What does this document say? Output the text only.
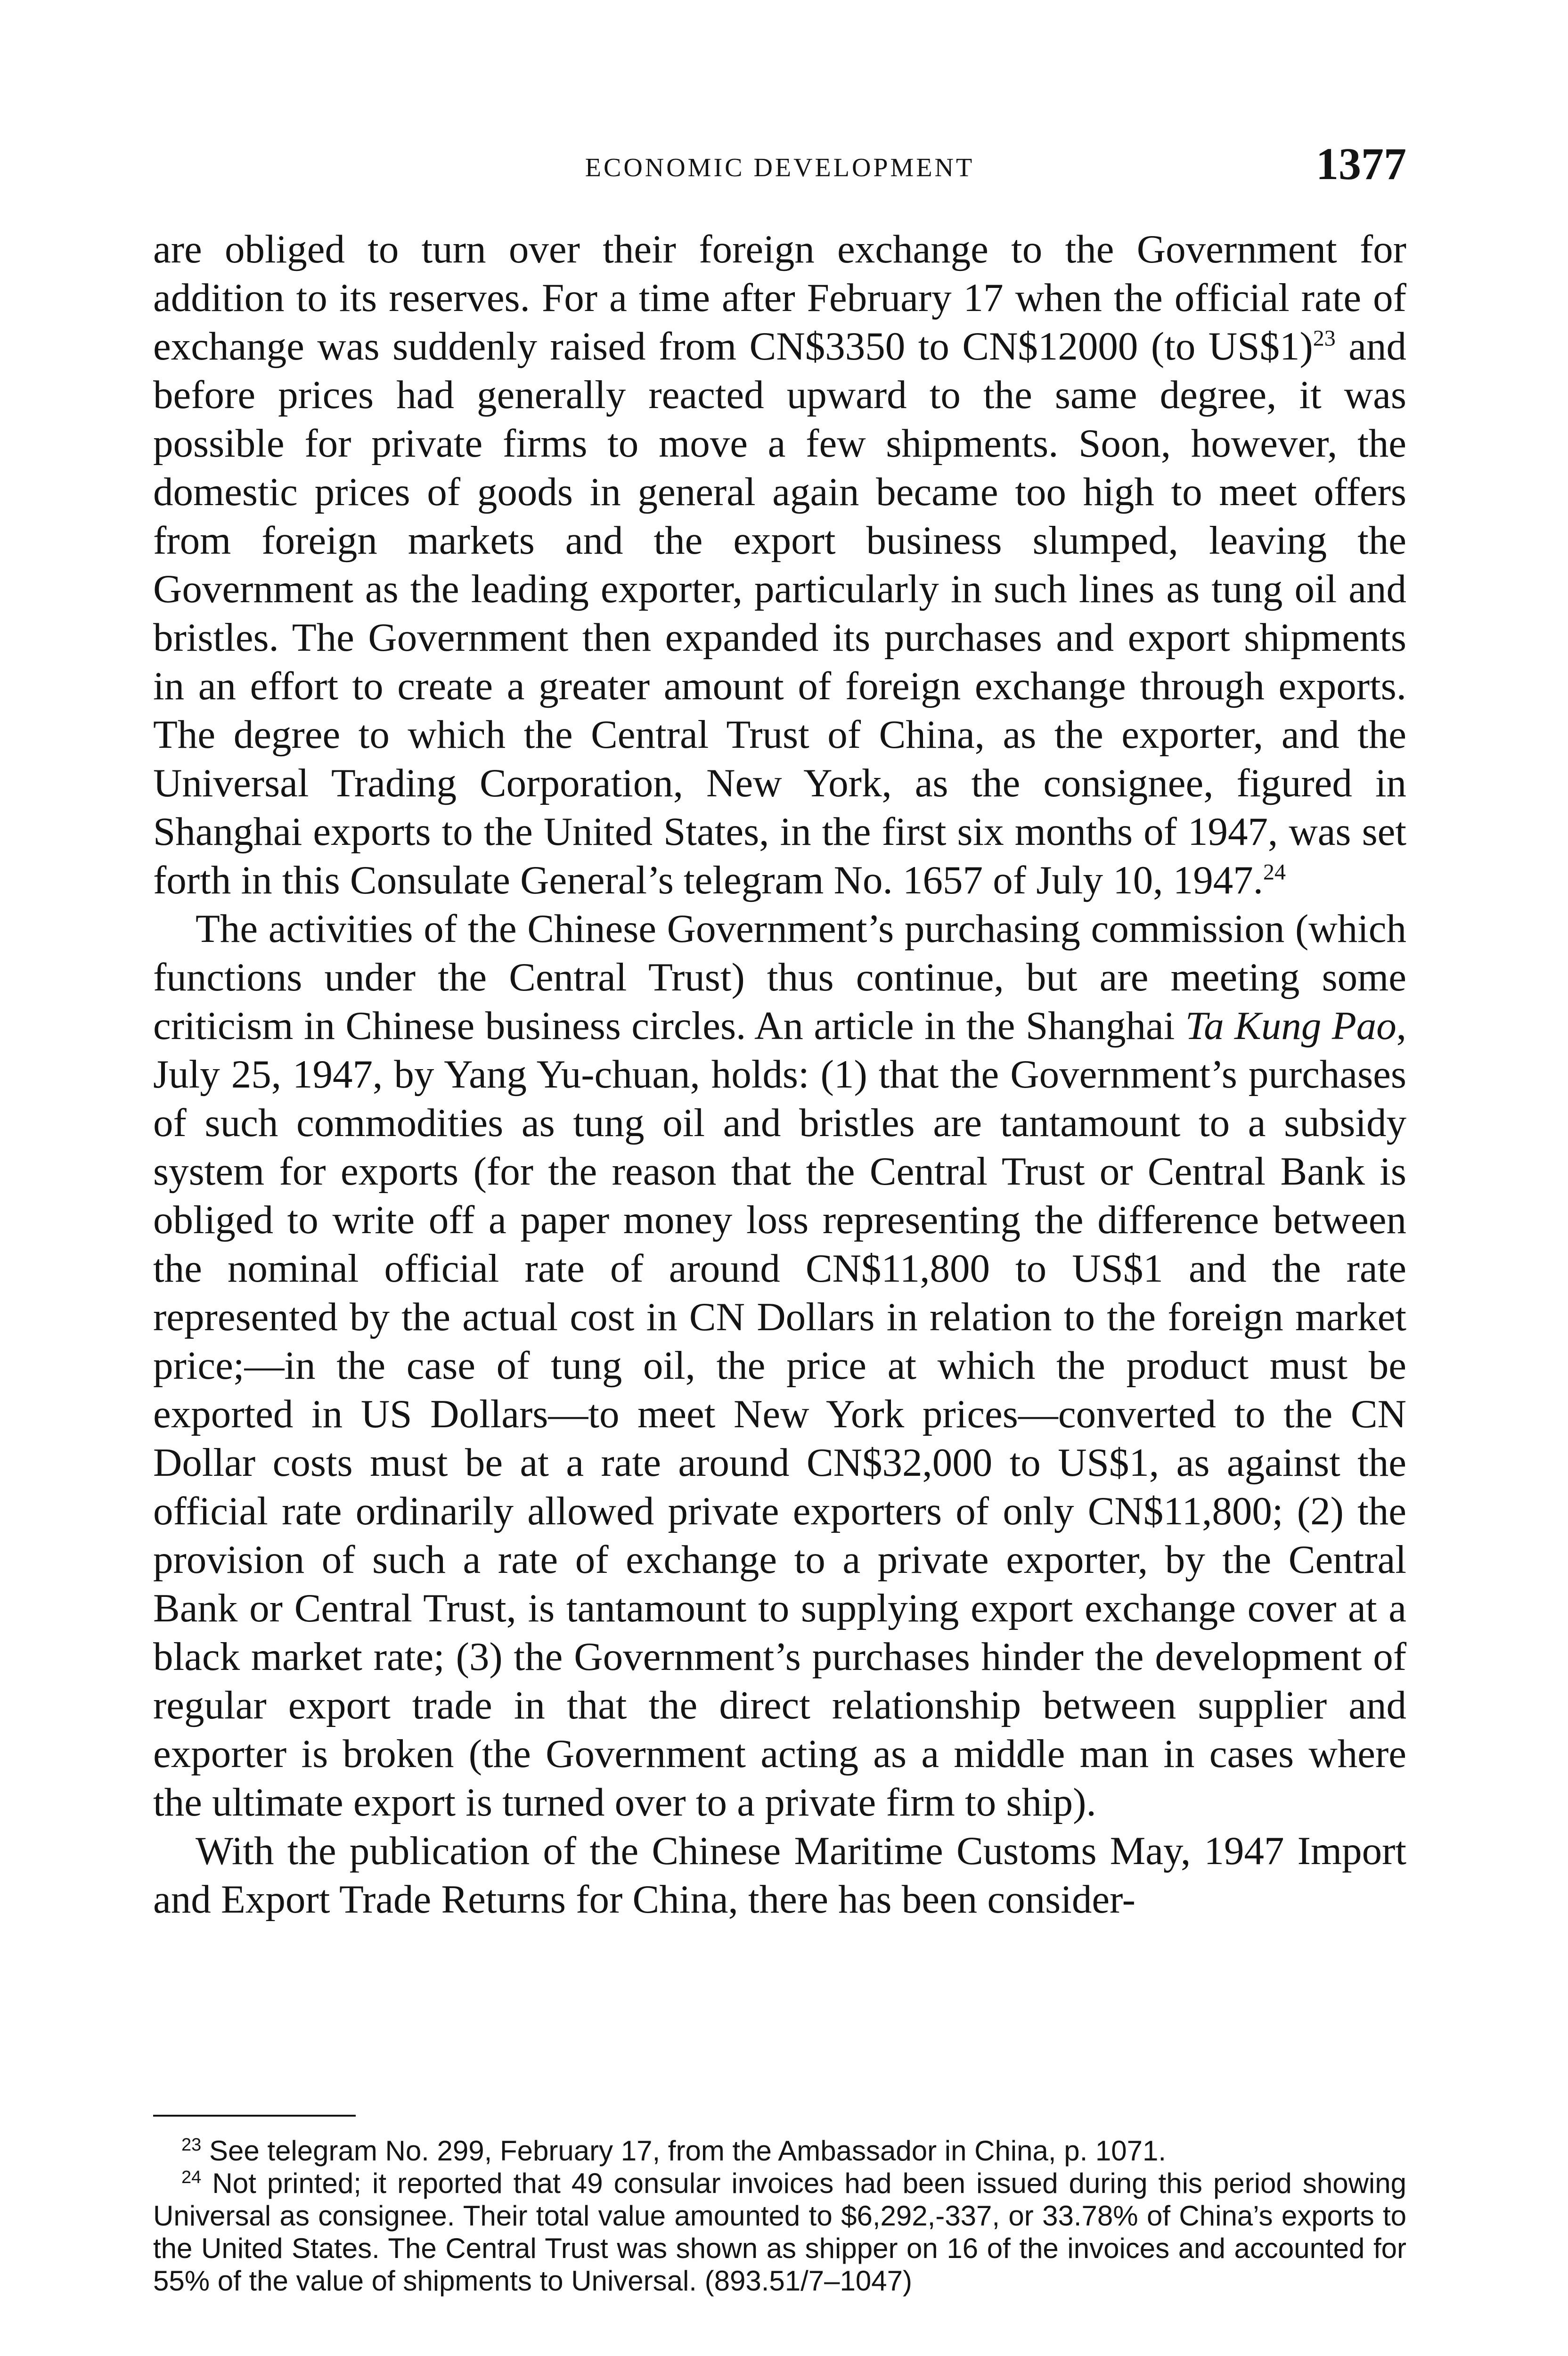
ECONOMIC DEVELOPMENT	1377

are obliged to turn over their foreign exchange to the Government for addition to its reserves. For a time after February 17 when the official rate of exchange was suddenly raised from CN$3350 to CN$12000 (to US$1)$^{23}$ and before prices had generally reacted upward to the same degree, it was possible for private firms to move a few shipments. Soon, however, the domestic prices of goods in general again became too high to meet offers from foreign markets and the export business slumped, leaving the Government as the leading exporter, particularly in such lines as tung oil and bristles. The Government then expanded its purchases and export shipments in an effort to create a greater amount of foreign exchange through exports. The degree to which the Central Trust of China, as the exporter, and the Universal Trading Corporation, New York, as the consignee, figured in Shanghai exports to the United States, in the first six months of 1947, was set forth in this Consulate General’s telegram No. 1657 of July 10, 1947.24

The activities of the Chinese Government’s purchasing commission (which functions under the Central Trust) thus continue, but are meeting some criticism in Chinese business circles. An article in the Shanghai Ta Kung Pao, July 25, 1947, by Yang Yu-chuan, holds: (1) that the Government’s purchases of such commodities as tung oil and bristles are tantamount to a subsidy system for exports (for the reason that the Central Trust or Central Bank is obliged to write off a paper money loss representing the difference between the nominal official rate of around CN$11,800 to US$1 and the rate represented by the actual cost in CN Dollars in relation to the foreign market price;—in the case of tung oil, the price at which the product must be exported in US Dollars—to meet New York prices—converted to the CN Dollar costs must be at a rate around CN$32,000 to US$1, as against the official rate ordinarily allowed private exporters of only CN$11,800; (2) the provision of such a rate of exchange to a private exporter, by the Central Bank or Central Trust, is tantamount to supplying export exchange cover at a black market rate; (3) the Government’s purchases hinder the development of regular export trade in that the direct relationship between supplier and exporter is broken (the Government acting as a middle man in cases where the ultimate export is turned over to a private firm to ship).

With the publication of the Chinese Maritime Customs May, 1947 Import and Export Trade Returns for China, there has been consider-

$^{23}$ See telegram No. 299, February 17, from the Ambassador in China, p. 1071.

$^{24}$ Not printed; it reported that 49 consular invoices had been issued during this period showing Universal as consignee. Their total value amounted to $6,292,-337, or 33.78% of China’s exports to the United States. The Central Trust was shown as shipper on 16 of the invoices and accounted for 55% of the value of shipments to Universal. (893.51/7–1047)
